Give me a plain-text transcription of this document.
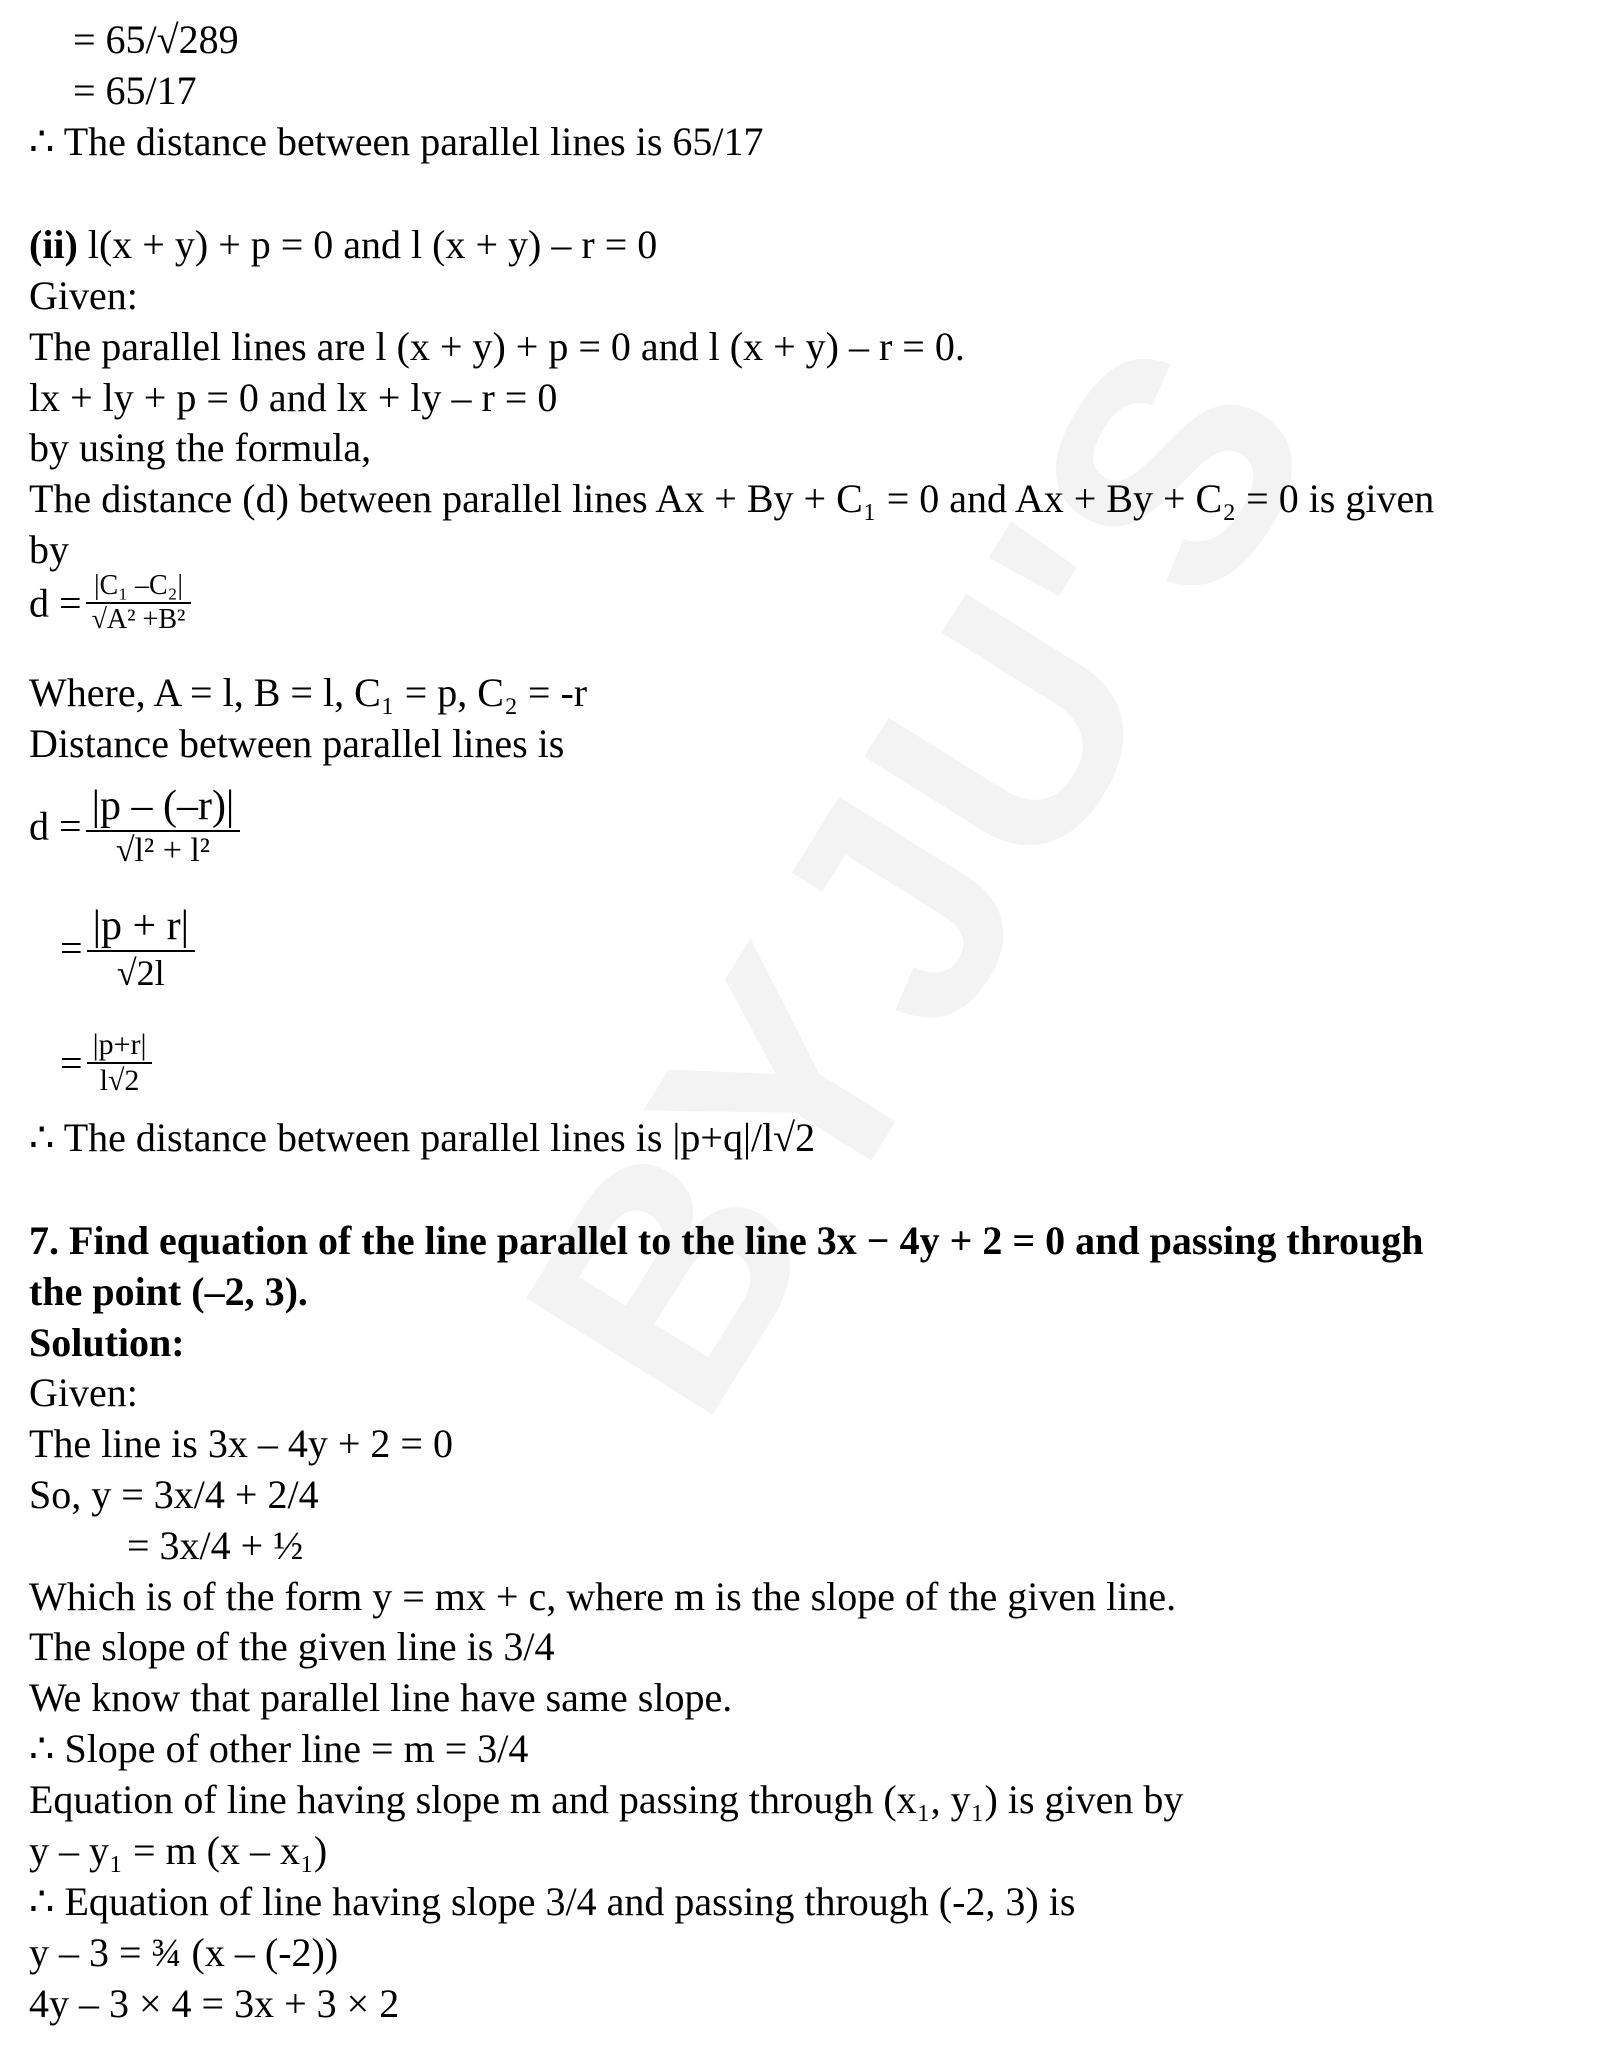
= 65/√289
= 65/17
∴ The distance between parallel lines is 65/17
(ii) l(x + y) + p = 0 and l (x + y) – r = 0
Given:
The parallel lines are l (x + y) + p = 0 and l (x + y) – r = 0.
lx + ly + p = 0 and lx + ly – r = 0
by using the formula,
The distance (d) between parallel lines Ax + By + C₁ = 0 and Ax + By + C₂ = 0 is given
by
$d = \frac{\text{|C₁ –C₂|}}{\text{√A² +B²}}$
Where, A = l, B = l, C₁ = p, C₂ = -r
Distance between parallel lines is
$d = \frac{|p - (-r)|}{\text{√l² + l²}}$
= $\frac{|p + r|}{√2l}$
= $\frac{|p+r|}{l√2}$
∴ The distance between parallel lines is |p+q|/l√2
7. Find equation of the line parallel to the line 3x − 4y + 2 = 0 and passing through
the point (–2, 3).
Solution:
Given:
The line is 3x – 4y + 2 = 0
So, y = 3x/4 + 2/4
= 3x/4 + ½
Which is of the form y = mx + c, where m is the slope of the given line.
The slope of the given line is 3/4
We know that parallel line have same slope.
∴ Slope of other line = m = 3/4
Equation of line having slope m and passing through (x₁, y₁) is given by
y – y₁ = m (x – x₁)
∴ Equation of line having slope 3/4 and passing through (-2, 3) is
y – 3 = ¾ (x – (-2))
4y – 3 × 4 = 3x + 3 × 2
